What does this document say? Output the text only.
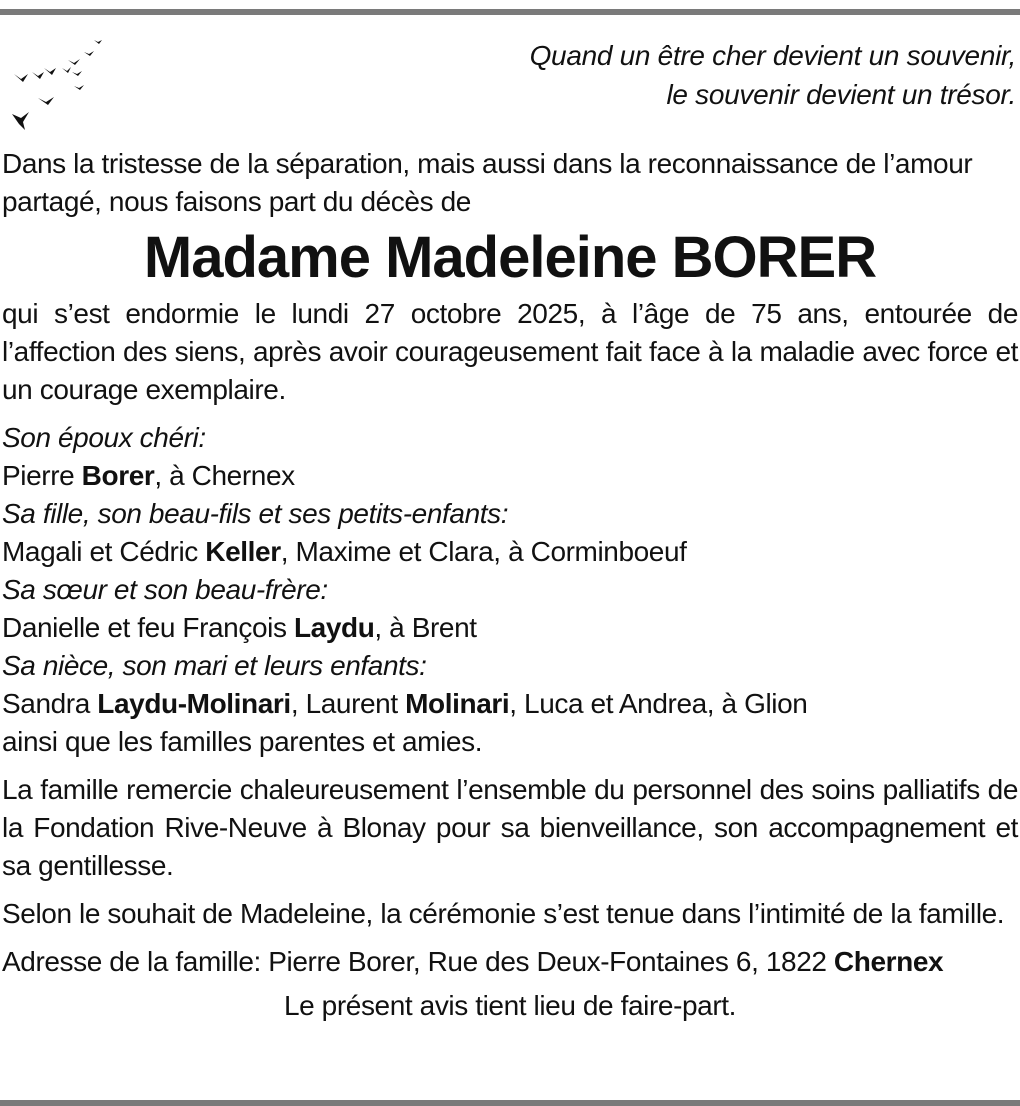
Quand un être cher devient un souvenir,
le souvenir devient un trésor.

Dans la tristesse de la séparation, mais aussi dans la reconnaissance de l’amour partagé, nous faisons part du décès de

Madame Madeleine BORER

qui s’est endormie le lundi 27 octobre 2025, à l’âge de 75 ans, entourée de l’affection des siens, après avoir courageusement fait face à la maladie avec force et un courage exemplaire.

Son époux chéri:

Pierre Borer, à Chernex

Sa fille, son beau-fils et ses petits-enfants:

Magali et Cédric Keller, Maxime et Clara, à Corminboeuf

Sa sœur et son beau-frère:

Danielle et feu François Laydu, à Brent

Sa nièce, son mari et leurs enfants:

Sandra Laydu-Molinari, Laurent Molinari, Luca et Andrea, à Glion

ainsi que les familles parentes et amies.

La famille remercie chaleureusement l’ensemble du personnel des soins palliatifs de la Fondation Rive-Neuve à Blonay pour sa bienveillance, son accompagnement et sa gentillesse.

Selon le souhait de Madeleine, la cérémonie s’est tenue dans l’intimité de la famille.

Adresse de la famille: Pierre Borer, Rue des Deux-Fontaines 6, 1822 Chernex

Le présent avis tient lieu de faire-part.
